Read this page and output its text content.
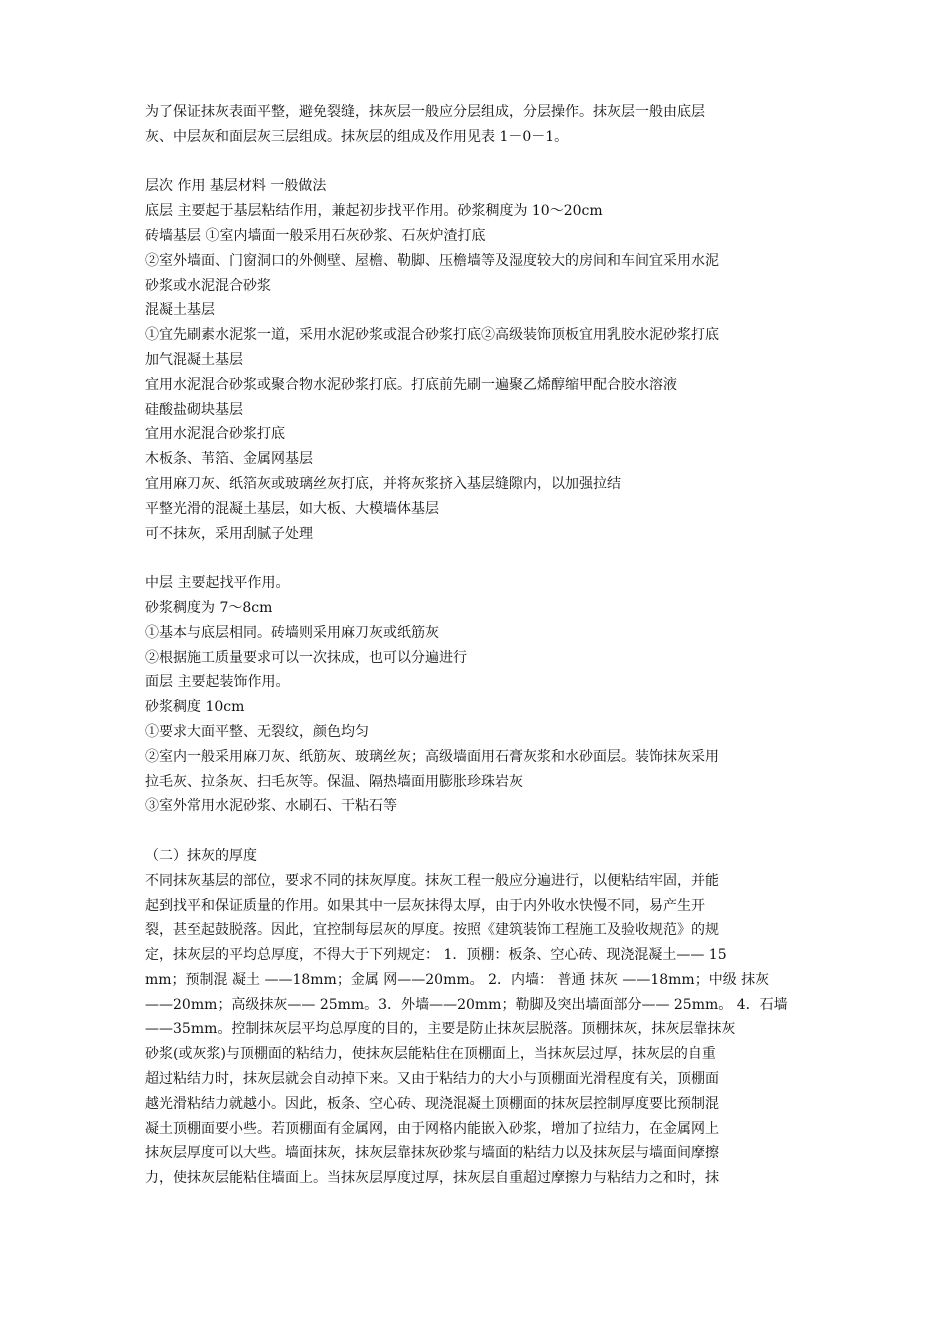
为了保证抹灰表面平整，避免裂缝，抹灰层一般应分层组成，分层操作。抹灰层一般由底层
灰、中层灰和面层灰三层组成。抹灰层的组成及作用见表 1－0－1。
层次 作用 基层材料 一般做法
底层 主要起于基层粘结作用，兼起初步找平作用。砂浆稠度为 10～20cm
砖墙基层 ①室内墙面一般采用石灰砂浆、石灰炉渣打底
②室外墙面、门窗洞口的外侧壁、屋檐、勒脚、压檐墙等及湿度较大的房间和车间宜采用水泥
砂浆或水泥混合砂浆
混凝土基层
①宜先刷素水泥浆一道，采用水泥砂浆或混合砂浆打底②高级装饰顶板宜用乳胶水泥砂浆打底
加气混凝土基层
宜用水泥混合砂浆或聚合物水泥砂浆打底。打底前先刷一遍聚乙烯醇缩甲配合胶水溶液
硅酸盐砌块基层
宜用水泥混合砂浆打底
木板条、苇箔、金属网基层
宜用麻刀灰、纸箔灰或玻璃丝灰打底，并将灰浆挤入基层缝隙内，以加强拉结
平整光滑的混凝土基层，如大板、大模墙体基层
可不抹灰，采用刮腻子处理
中层 主要起找平作用。
砂浆稠度为 7～8cm
①基本与底层相同。砖墙则采用麻刀灰或纸筋灰
②根据施工质量要求可以一次抹成，也可以分遍进行
面层 主要起装饰作用。
砂浆稠度 10cm
①要求大面平整、无裂纹，颜色均匀
②室内一般采用麻刀灰、纸筋灰、玻璃丝灰；高级墙面用石膏灰浆和水砂面层。装饰抹灰采用
拉毛灰、拉条灰、扫毛灰等。保温、隔热墙面用膨胀珍珠岩灰
③室外常用水泥砂浆、水刷石、干粘石等
（二）抹灰的厚度
不同抹灰基层的部位，要求不同的抹灰厚度。抹灰工程一般应分遍进行，以便粘结牢固，并能
起到找平和保证质量的作用。如果其中一层灰抹得太厚，由于内外收水快慢不同，易产生开
裂，甚至起鼓脱落。因此，宜控制每层灰的厚度。按照《建筑装饰工程施工及验收规范》的规
定，抹灰层的平均总厚度，不得大于下列规定： 1．顶棚：板条、空心砖、现浇混凝土—— 15
mm；预制混 凝土 ——18mm；金属 网——20mm。 2．内墙： 普通 抹灰 ——18mm；中级 抹灰
——20mm；高级抹灰—— 25mm。3．外墙——20mm；勒脚及突出墙面部分—— 25mm。 4．石墙
——35mm。控制抹灰层平均总厚度的目的，主要是防止抹灰层脱落。顶棚抹灰，抹灰层靠抹灰
砂浆(或灰浆)与顶棚面的粘结力，使抹灰层能粘住在顶棚面上，当抹灰层过厚，抹灰层的自重
超过粘结力时，抹灰层就会自动掉下来。又由于粘结力的大小与顶棚面光滑程度有关，顶棚面
越光滑粘结力就越小。因此，板条、空心砖、现浇混凝土顶棚面的抹灰层控制厚度要比预制混
凝土顶棚面要小些。若顶棚面有金属网，由于网格内能嵌入砂浆，增加了拉结力，在金属网上
抹灰层厚度可以大些。墙面抹灰，抹灰层靠抹灰砂浆与墙面的粘结力以及抹灰层与墙面间摩擦
力，使抹灰层能粘住墙面上。当抹灰层厚度过厚，抹灰层自重超过摩擦力与粘结力之和时，抹
